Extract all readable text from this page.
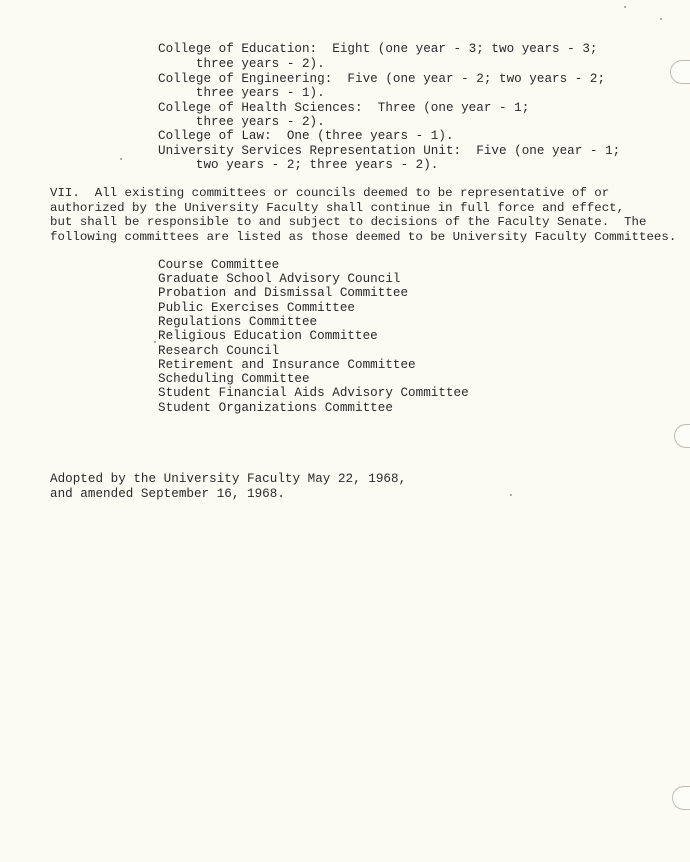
College of Education:  Eight (one year - 3; two years - 3;
three years - 2).
College of Engineering:  Five (one year - 2; two years - 2;
three years - 1).
College of Health Sciences:  Three (one year - 1;
three years - 2).
College of Law:  One (three years - 1).
University Services Representation Unit:  Five (one year - 1;
two years - 2; three years - 2).
VII.  All existing committees or councils deemed to be representative of or
authorized by the University Faculty shall continue in full force and effect,
but shall be responsible to and subject to decisions of the Faculty Senate.  The
following committees are listed as those deemed to be University Faculty Committees.
Course Committee
Graduate School Advisory Council
Probation and Dismissal Committee
Public Exercises Committee
Regulations Committee
Religious Education Committee
Research Council
Retirement and Insurance Committee
Scheduling Committee
Student Financial Aids Advisory Committee
Student Organizations Committee
Adopted by the University Faculty May 22, 1968,
and amended September 16, 1968.
